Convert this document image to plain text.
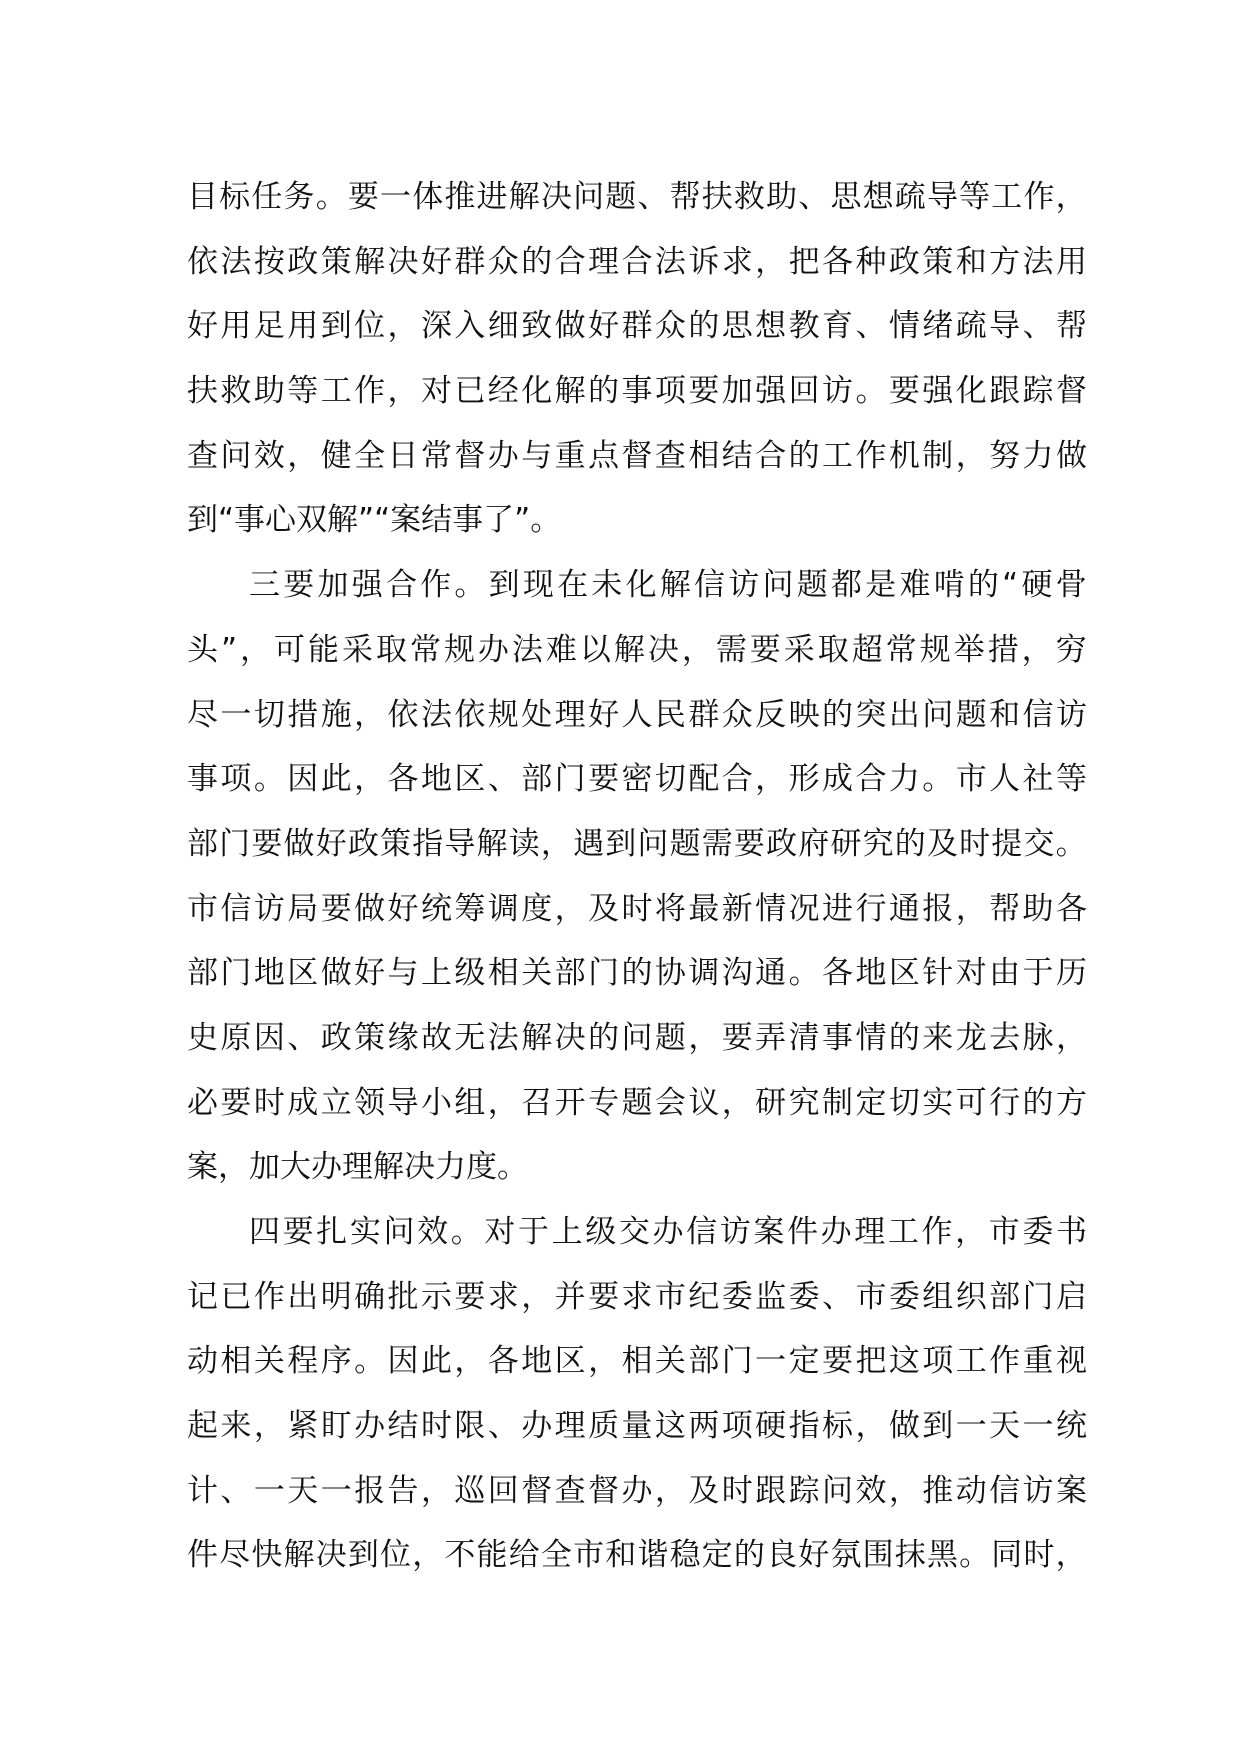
目 标 任 务 。 要 一 体 推 进 解 决 问 题 、 帮 扶 救 助 、 思 想 疏 导 等 工 作 ，
依 法 按 政 策 解 决 好 群 众 的 合 理 合 法 诉 求 ， 把 各 种 政 策 和 方 法 用
好 用 足 用 到 位 ， 深 入 细 致 做 好 群 众 的 思 想 教 育 、 情 绪 疏 导 、 帮
扶 救 助 等 工 作 ， 对 已 经 化 解 的 事 项 要 加 强 回 访 。 要 强 化 跟 踪 督
查 问 效 ， 健 全 日 常 督 办 与 重 点 督 查 相 结 合 的 工 作 机 制 ， 努 力 做
到“事心双解”“案结事了”。
三 要 加 强 合 作 。 到 现 在 未 化 解 信 访 问 题 都 是 难 啃 的 “ 硬 骨
头 ” ， 可 能 采 取 常 规 办 法 难 以 解 决 ， 需 要 采 取 超 常 规 举 措 ， 穷
尽 一 切 措 施 ， 依 法 依 规 处 理 好 人 民 群 众 反 映 的 突 出 问 题 和 信 访
事 项 。 因 此 ， 各 地 区 、 部 门 要 密 切 配 合 ， 形 成 合 力 。 市 人 社 等
部 门 要 做 好 政 策 指 导 解 读 ， 遇 到 问 题 需 要 政 府 研 究 的 及 时 提 交 。
市 信 访 局 要 做 好 统 筹 调 度 ， 及 时 将 最 新 情 况 进 行 通 报 ， 帮 助 各
部 门 地 区 做 好 与 上 级 相 关 部 门 的 协 调 沟 通 。 各 地 区 针 对 由 于 历
史 原 因 、 政 策 缘 故 无 法 解 决 的 问 题 ， 要 弄 清 事 情 的 来 龙 去 脉 ，
必 要 时 成 立 领 导 小 组 ， 召 开 专 题 会 议 ， 研 究 制 定 切 实 可 行 的 方
案，加大办理解决力度。
四 要 扎 实 问 效 。 对 于 上 级 交 办 信 访 案 件 办 理 工 作 ， 市 委 书
记 已 作 出 明 确 批 示 要 求 ， 并 要 求 市 纪 委 监 委 、 市 委 组 织 部 门 启
动 相 关 程 序 。 因 此 ， 各 地 区 ， 相 关 部 门 一 定 要 把 这 项 工 作 重 视
起 来 ， 紧 盯 办 结 时 限 、 办 理 质 量 这 两 项 硬 指 标 ， 做 到 一 天 一 统
计 、 一 天 一 报 告 ， 巡 回 督 查 督 办 ， 及 时 跟 踪 问 效 ， 推 动 信 访 案
件 尽 快 解 决 到 位 ， 不 能 给 全 市 和 谐 稳 定 的 良 好 氛 围 抹 黑 。 同 时 ，
